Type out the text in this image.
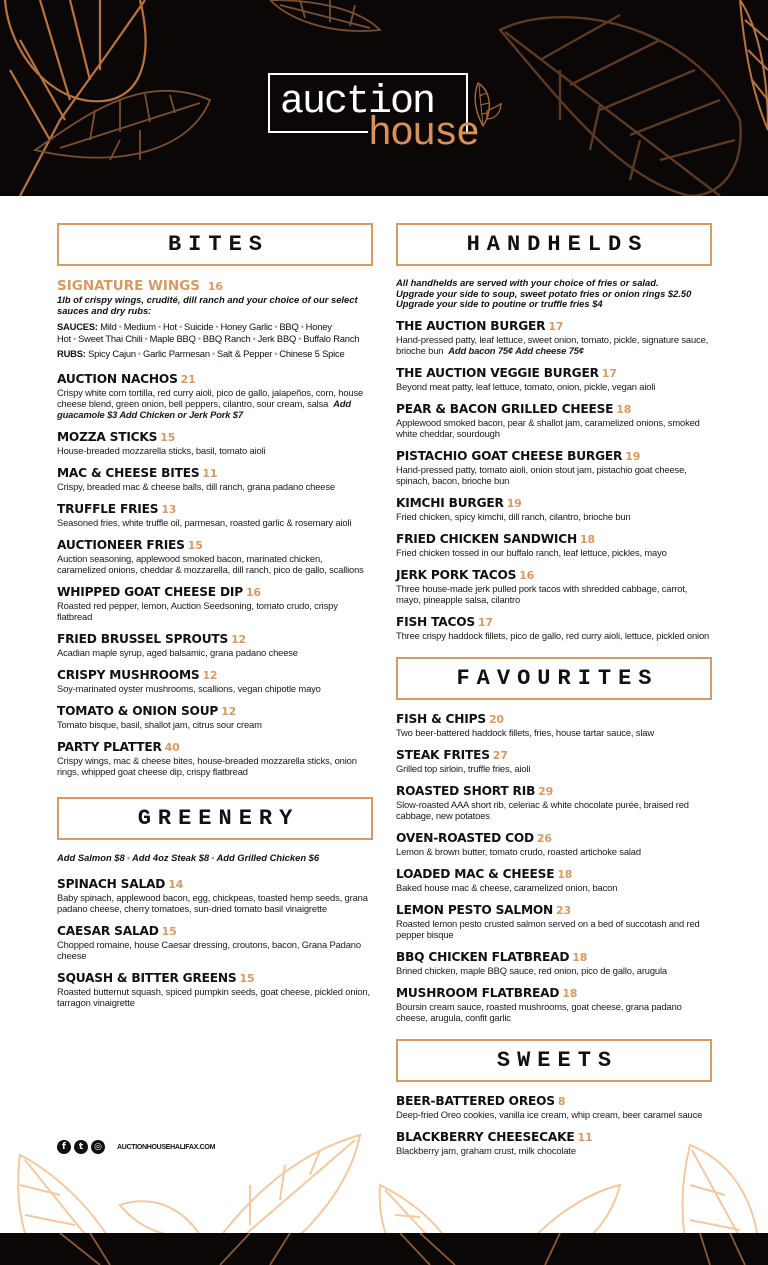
auction
house
BITES
SIGNATURE WINGS 16
1lb of crispy wings, crudité, dill ranch and your choice of our select sauces and dry rubs:
SAUCES: Mild • Medium • Hot • Suicide • Honey Garlic • BBQ • Honey Hot • Sweet Thai Chili • Maple BBQ • BBQ Ranch • Jerk BBQ • Buffalo Ranch
RUBS: Spicy Cajun • Garlic Parmesan • Salt & Pepper • Chinese 5 Spice
AUCTION NACHOS 21
Crispy white corn tortilla, red curry aioli, pico de gallo, jalapeños, corn, house cheese blend, green onion, bell peppers, cilantro, sour cream, salsa Add guacamole $3 Add Chicken or Jerk Pork $7
MOZZA STICKS 15
House-breaded mozzarella sticks, basil, tomato aioli
MAC & CHEESE BITES 11
Crispy, breaded mac & cheese balls, dill ranch, grana padano cheese
TRUFFLE FRIES 13
Seasoned fries, white truffle oil, parmesan, roasted garlic & rosemary aioli
AUCTIONEER FRIES 15
Auction seasoning, applewood smoked bacon, marinated chicken, caramelized onions, cheddar & mozzarella, dill ranch, pico de gallo, scallions
WHIPPED GOAT CHEESE DIP 16
Roasted red pepper, lemon, Auction Seedsoning, tomato crudo, crispy flatbread
FRIED BRUSSEL SPROUTS 12
Acadian maple syrup, aged balsamic, grana padano cheese
CRISPY MUSHROOMS 12
Soy-marinated oyster mushrooms, scallions, vegan chipotle mayo
TOMATO & ONION SOUP 12
Tomato bisque, basil, shallot jam, citrus sour cream
PARTY PLATTER 40
Crispy wings, mac & cheese bites, house-breaded mozzarella sticks, onion rings, whipped goat cheese dip, crispy flatbread
GREENERY
Add Salmon $8 • Add 4oz Steak $8 • Add Grilled Chicken $6
SPINACH SALAD 14
Baby spinach, applewood bacon, egg, chickpeas, toasted hemp seeds, grana padano cheese, cherry tomatoes, sun-dried tomato basil vinaigrette
CAESAR SALAD 15
Chopped romaine, house Caesar dressing, croutons, bacon, Grana Padano cheese
SQUASH & BITTER GREENS 15
Roasted butternut squash, spiced pumpkin seeds, goat cheese, pickled onion, tarragon vinaigrette
HANDHELDS
All handhelds are served with your choice of fries or salad.
Upgrade your side to soup, sweet potato fries or onion rings $2.50
Upgrade your side to poutine or truffle fries $4
THE AUCTION BURGER 17
Hand-pressed patty, leaf lettuce, sweet onion, tomato, pickle, signature sauce, brioche bun Add bacon 75¢ Add cheese 75¢
THE AUCTION VEGGIE BURGER 17
Beyond meat patty, leaf lettuce, tomato, onion, pickle, vegan aioli
PEAR & BACON GRILLED CHEESE 18
Applewood smoked bacon, pear & shallot jam, caramelized onions, smoked white cheddar, sourdough
PISTACHIO GOAT CHEESE BURGER 19
Hand-pressed patty, tomato aioli, onion stout jam, pistachio goat cheese, spinach, bacon, brioche bun
KIMCHI BURGER 19
Fried chicken, spicy kimchi, dill ranch, cilantro, brioche bun
FRIED CHICKEN SANDWICH 18
Fried chicken tossed in our buffalo ranch, leaf lettuce, pickles, mayo
JERK PORK TACOS 16
Three house-made jerk pulled pork tacos with shredded cabbage, carrot, mayo, pineapple salsa, cilantro
FISH TACOS 17
Three crispy haddock fillets, pico de gallo, red curry aioli, lettuce, pickled onion
FAVOURITES
FISH & CHIPS 20
Two beer-battered haddock fillets, fries, house tartar sauce, slaw
STEAK FRITES 27
Grilled top sirloin, truffle fries, aioli
ROASTED SHORT RIB 29
Slow-roasted AAA short rib, celeriac & white chocolate purée, braised red cabbage, new potatoes
OVEN-ROASTED COD 26
Lemon & brown butter, tomato crudo, roasted artichoke salad
LOADED MAC & CHEESE 18
Baked house mac & cheese, caramelized onion, bacon
LEMON PESTO SALMON 23
Roasted lemon pesto crusted salmon served on a bed of succotash and red pepper bisque
BBQ CHICKEN FLATBREAD 18
Brined chicken, maple BBQ sauce, red onion, pico de gallo, arugula
MUSHROOM FLATBREAD 18
Boursin cream sauce, roasted mushrooms, goat cheese, grana padano cheese, arugula, confit garlic
SWEETS
BEER-BATTERED OREOS 8
Deep-fried Oreo cookies, vanilla ice cream, whip cream, beer caramel sauce
BLACKBERRY CHEESECAKE 11
Blackberry jam, graham crust, milk chocolate
f	t	◎	AUCTIONHOUSEHALIFAX.COM
